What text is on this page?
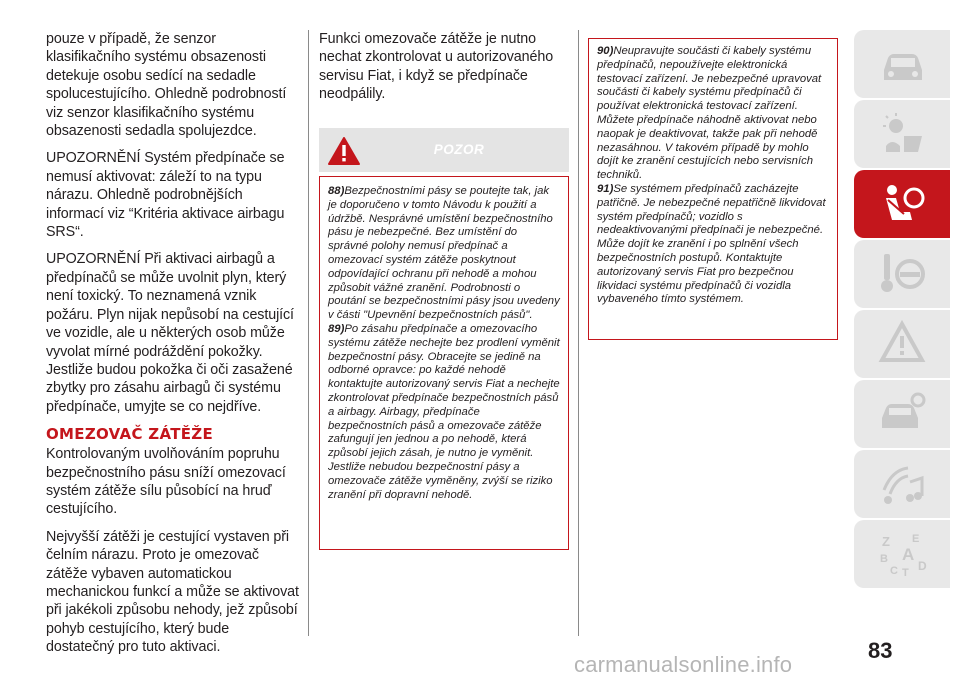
pouze v případě, že senzor klasifikačního systému obsazenosti detekuje osobu sedící na sedadle spolucestujícího. Ohledně podrobností viz senzor klasifikačního systému obsazenosti sedadla spolujezdce.

UPOZORNĚNÍ Systém předpínače se nemusí aktivovat: záleží to na typu nárazu. Ohledně podrobnějších informací viz “Kritéria aktivace airbagu SRS“.

UPOZORNĚNÍ Při aktivaci airbagů a předpínačů se může uvolnit plyn, který není toxický. To neznamená vznik požáru. Plyn nijak nepůsobí na cestující ve vozidle, ale u některých osob může vyvolat mírné podráždění pokožky. Jestliže budou pokožka či oči zasažené zbytky pro zásahu airbagů či systému předpínače, umyjte se co nejdříve.

OMEZOVAČ ZÁTĚŽE

Kontrolovaným uvolňováním popruhu bezpečnostního pásu sníží omezovací systém zátěže sílu působící na hruď cestujícího.

Nejvyšší zátěži je cestující vystaven při čelním nárazu. Proto je omezovač zátěže vybaven automatickou mechanickou funkcí a může se aktivovat při jakékoli způsobu nehody, jež způsobí pohyb cestujícího, který bude dostatečný pro tuto aktivaci.

Funkci omezovače zátěže je nutno nechat zkontrolovat u autorizovaného servisu Fiat, i když se předpínače neodpálily.

POZOR

88)Bezpečnostními pásy se poutejte tak, jak je doporučeno v tomto Návodu k použití a údržbě. Nesprávné umístění bezpečnostního pásu je nebezpečné. Bez umístění do správné polohy nemusí předpínač a omezovací systém zátěže poskytnout odpovídající ochranu při nehodě a mohou způsobit vážné zranění. Podrobnosti o poutání se bezpečnostními pásy jsou uvedeny v části "Upevnění bezpečnostních pásů".

89)Po zásahu předpínače a omezovacího systému zátěže nechejte bez prodlení vyměnit bezpečnostní pásy. Obracejte se jedině na odborné opravce: po každé nehodě kontaktujte autorizovaný servis Fiat a nechejte zkontrolovat předpínače bezpečnostních pásů a airbagy. Airbagy, předpínače bezpečnostních pásů a omezovače zátěže zafungují jen jednou a po nehodě, která způsobí jejich zásah, je nutno je vyměnit. Jestliže nebudou bezpečnostní pásy a omezovače zátěže vyměněny, zvýší se riziko zranění při dopravní nehodě.

90)Neupravujte součásti či kabely systému předpínačů, nepoužívejte elektronická testovací zařízení. Je nebezpečné upravovat součásti či kabely systému předpínačů či používat elektronická testovací zařízení. Můžete předpínače náhodně aktivovat nebo naopak je deaktivovat, takže pak při nehodě nezasáhnou. V takovém případě by mohlo dojít ke zranění cestujících nebo servisních techniků.

91)Se systémem předpínačů zacházejte patřičně. Je nebezpečné nepatřičně likvidovat systém předpínačů; vozidlo s nedeaktivovanými předpínači je nebezpečné. Může dojít ke zranění i po splnění všech bezpečnostních postupů. Kontaktujte autorizovaný servis Fiat pro bezpečnou likvidaci systému předpínačů či vozidla vybaveného tímto systémem.

Z E
B A
C T D
83
carmanualsonline.info
